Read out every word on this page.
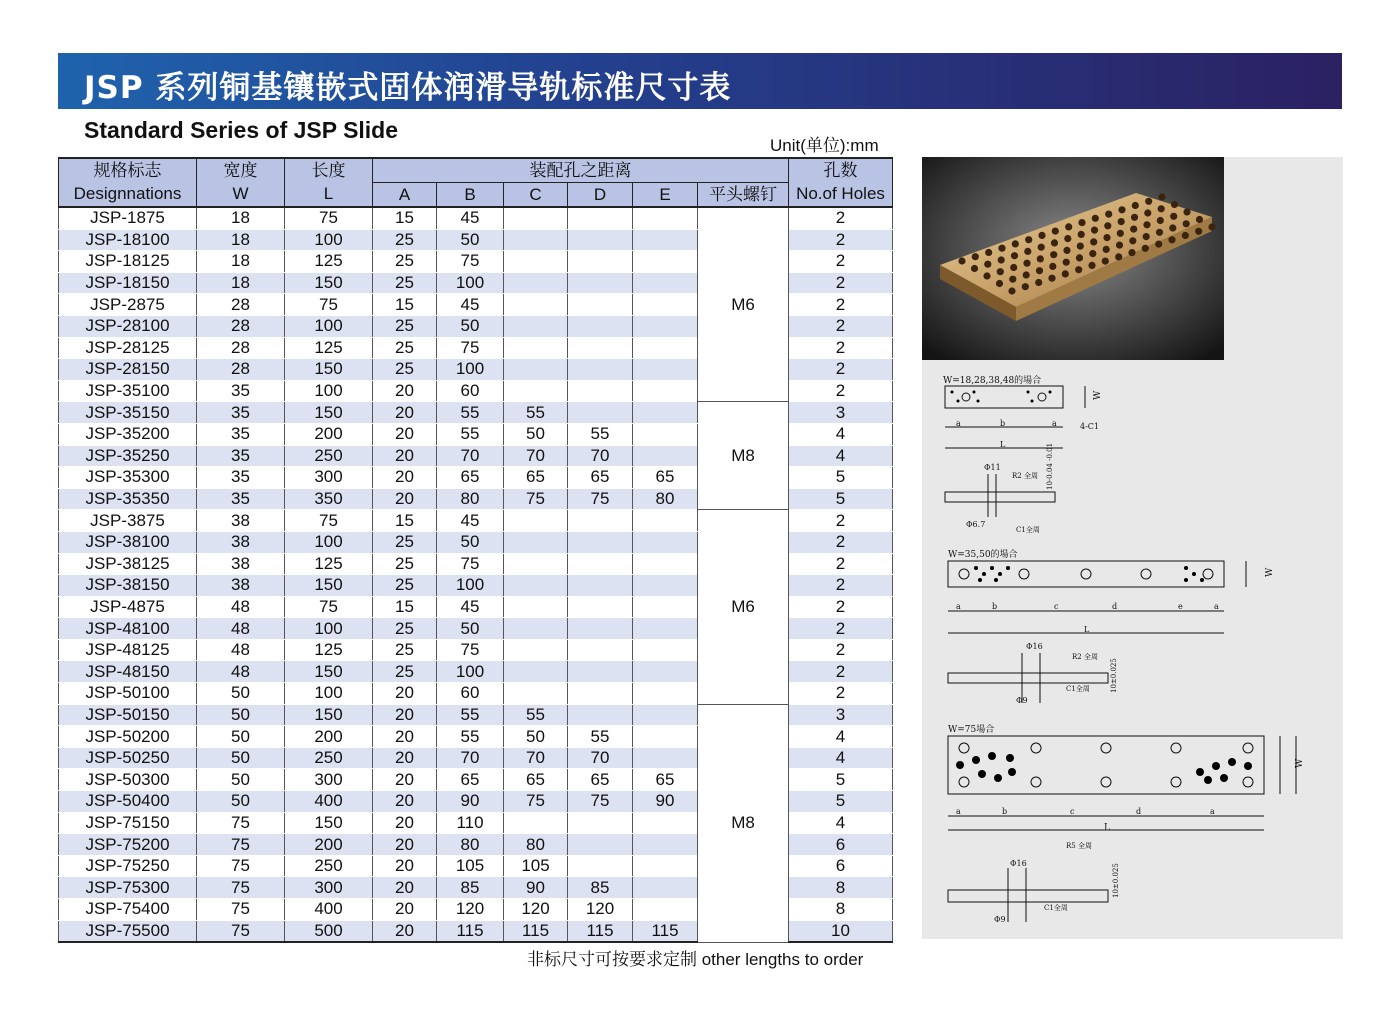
JSP 系列铜基镶嵌式固体润滑导轨标准尺寸表
Standard Series of JSP Slide
Unit(单位):mm
规格标志	宽度	长度	装配孔之距离						孔数
Designnations	W	L	A	B	C	D	E	平头螺钉	No.of Holes
JSP-1875	18	75	15	45				M6	2
JSP-18100	18	100	25	50					2
JSP-18125	18	125	25	75					2
JSP-18150	18	150	25	100					2
JSP-2875	28	75	15	45					2
JSP-28100	28	100	25	50					2
JSP-28125	28	125	25	75					2
JSP-28150	28	150	25	100					2
JSP-35100	35	100	20	60					2
JSP-35150	35	150	20	55	55			M8	3
JSP-35200	35	200	20	55	50	55			4
JSP-35250	35	250	20	70	70	70			4
JSP-35300	35	300	20	65	65	65	65		5
JSP-35350	35	350	20	80	75	75	80		5
JSP-3875	38	75	15	45				M6	2
JSP-38100	38	100	25	50					2
JSP-38125	38	125	25	75					2
JSP-38150	38	150	25	100					2
JSP-4875	48	75	15	45					2
JSP-48100	48	100	25	50					2
JSP-48125	48	125	25	75					2
JSP-48150	48	150	25	100					2
JSP-50100	50	100	20	60					2
JSP-50150	50	150	20	55	55			M8	3
JSP-50200	50	200	20	55	50	55			4
JSP-50250	50	250	20	70	70	70			4
JSP-50300	50	300	20	65	65	65	65		5
JSP-50400	50	400	20	90	75	75	90		5
JSP-75150	75	150	20	110					4
JSP-75200	75	200	20	80	80				6
JSP-75250	75	250	20	105	105				6
JSP-75300	75	300	20	85	90	85			8
JSP-75400	75	400	20	120	120	120			8
JSP-75500	75	500	20	115	115	115	115		10
非标尺寸可按要求定制 other lengths to order
W=18,28,38,48的場合
W
4-C1
a	b	a
L
Φ11
R2 全周 10-0.04 -0.01
Φ6.7
C1全周
W=35,50的場合
W
a	b	c	d	e	a
L
Φ16
R2 全周
10±0.025
Φ9
C1全周
W=75場合
W
a	b	c	d	a
L
R5 全周
Φ16	10±0.025
Φ9
C1全周
